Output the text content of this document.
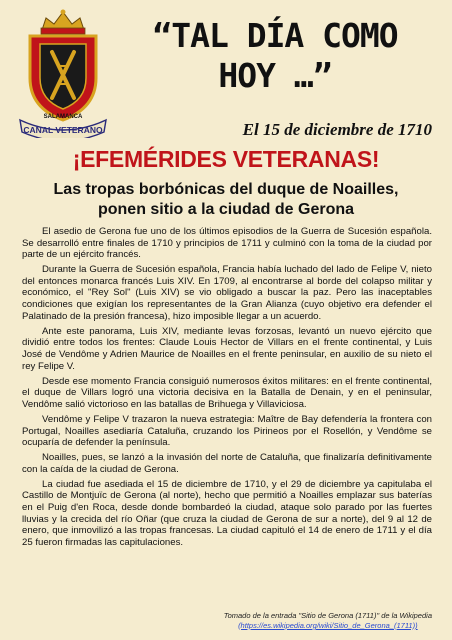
SALAMANCA
CANAL VETERANO
“TAL DÍA COMO
HOY …”
El 15 de diciembre de 1710
¡EFEMÉRIDES VETERANAS!
Las tropas borbónicas del duque de Noailles,
ponen sitio a la ciudad de Gerona

El asedio de Gerona fue uno de los últimos episodios de la Guerra de Sucesión española. Se desarrolló entre finales de 1710 y principios de 1711 y culminó con la toma de la ciudad por parte de un ejército francés.

Durante la Guerra de Sucesión española, Francia había luchado del lado de Felipe V, nieto del entonces monarca francés Luis XIV. En 1709, al encontrarse al borde del colapso militar y económico, el "Rey Sol" (Luis XIV) se vio obligado a buscar la paz. Pero las inaceptables condiciones que exigían los representantes de la Gran Alianza (cuyo objetivo era defender el Palatinado de la presión francesa), hizo imposible llegar a un acuerdo.

Ante este panorama, Luis XIV, mediante levas forzosas, levantó un nuevo ejército que dividió entre todos los frentes: Claude Louis Hector de Villars en el frente continental, y Luis José de Vendôme y Adrien Maurice de Noailles en el frente peninsular, en auxilio de su nieto el rey Felipe V.

Desde ese momento Francia consiguió numerosos éxitos militares: en el frente continental, el duque de Villars logró una victoria decisiva en la Batalla de Denain, y en el peninsular, Vendôme salió victorioso en las batallas de Brihuega y Villaviciosa.

Vendôme y Felipe V trazaron la nueva estrategia: Maître de Bay defendería la frontera con Portugal, Noailles asediaría Cataluña, cruzando los Pirineos por el Rosellón, y Vendôme se ocuparía de defender la península.

Noailles, pues, se lanzó a la invasión del norte de Cataluña, que finalizaría definitivamente con la caída de la ciudad de Gerona.

La ciudad fue asediada el 15 de diciembre de 1710, y el 29 de diciembre ya capitulaba el Castillo de Montjuïc de Gerona (al norte), hecho que permitió a Noailles emplazar sus baterías en el Puig d'en Roca, desde donde bombardeó la ciudad, ataque solo parado por las fuertes lluvias y la crecida del río Oñar (que cruza la ciudad de Gerona de sur a norte), del 9 al 12 de enero, que inmovilizó a las tropas francesas. La ciudad capituló el 14 de enero de 1711 y el día 25 fueron firmadas las capitulaciones.

Tomado de la entrada "Sitio de Gerona (1711)" de la Wikipedia
(https://es.wikipedia.org/wiki/Sitio_de_Gerona_(1711))
